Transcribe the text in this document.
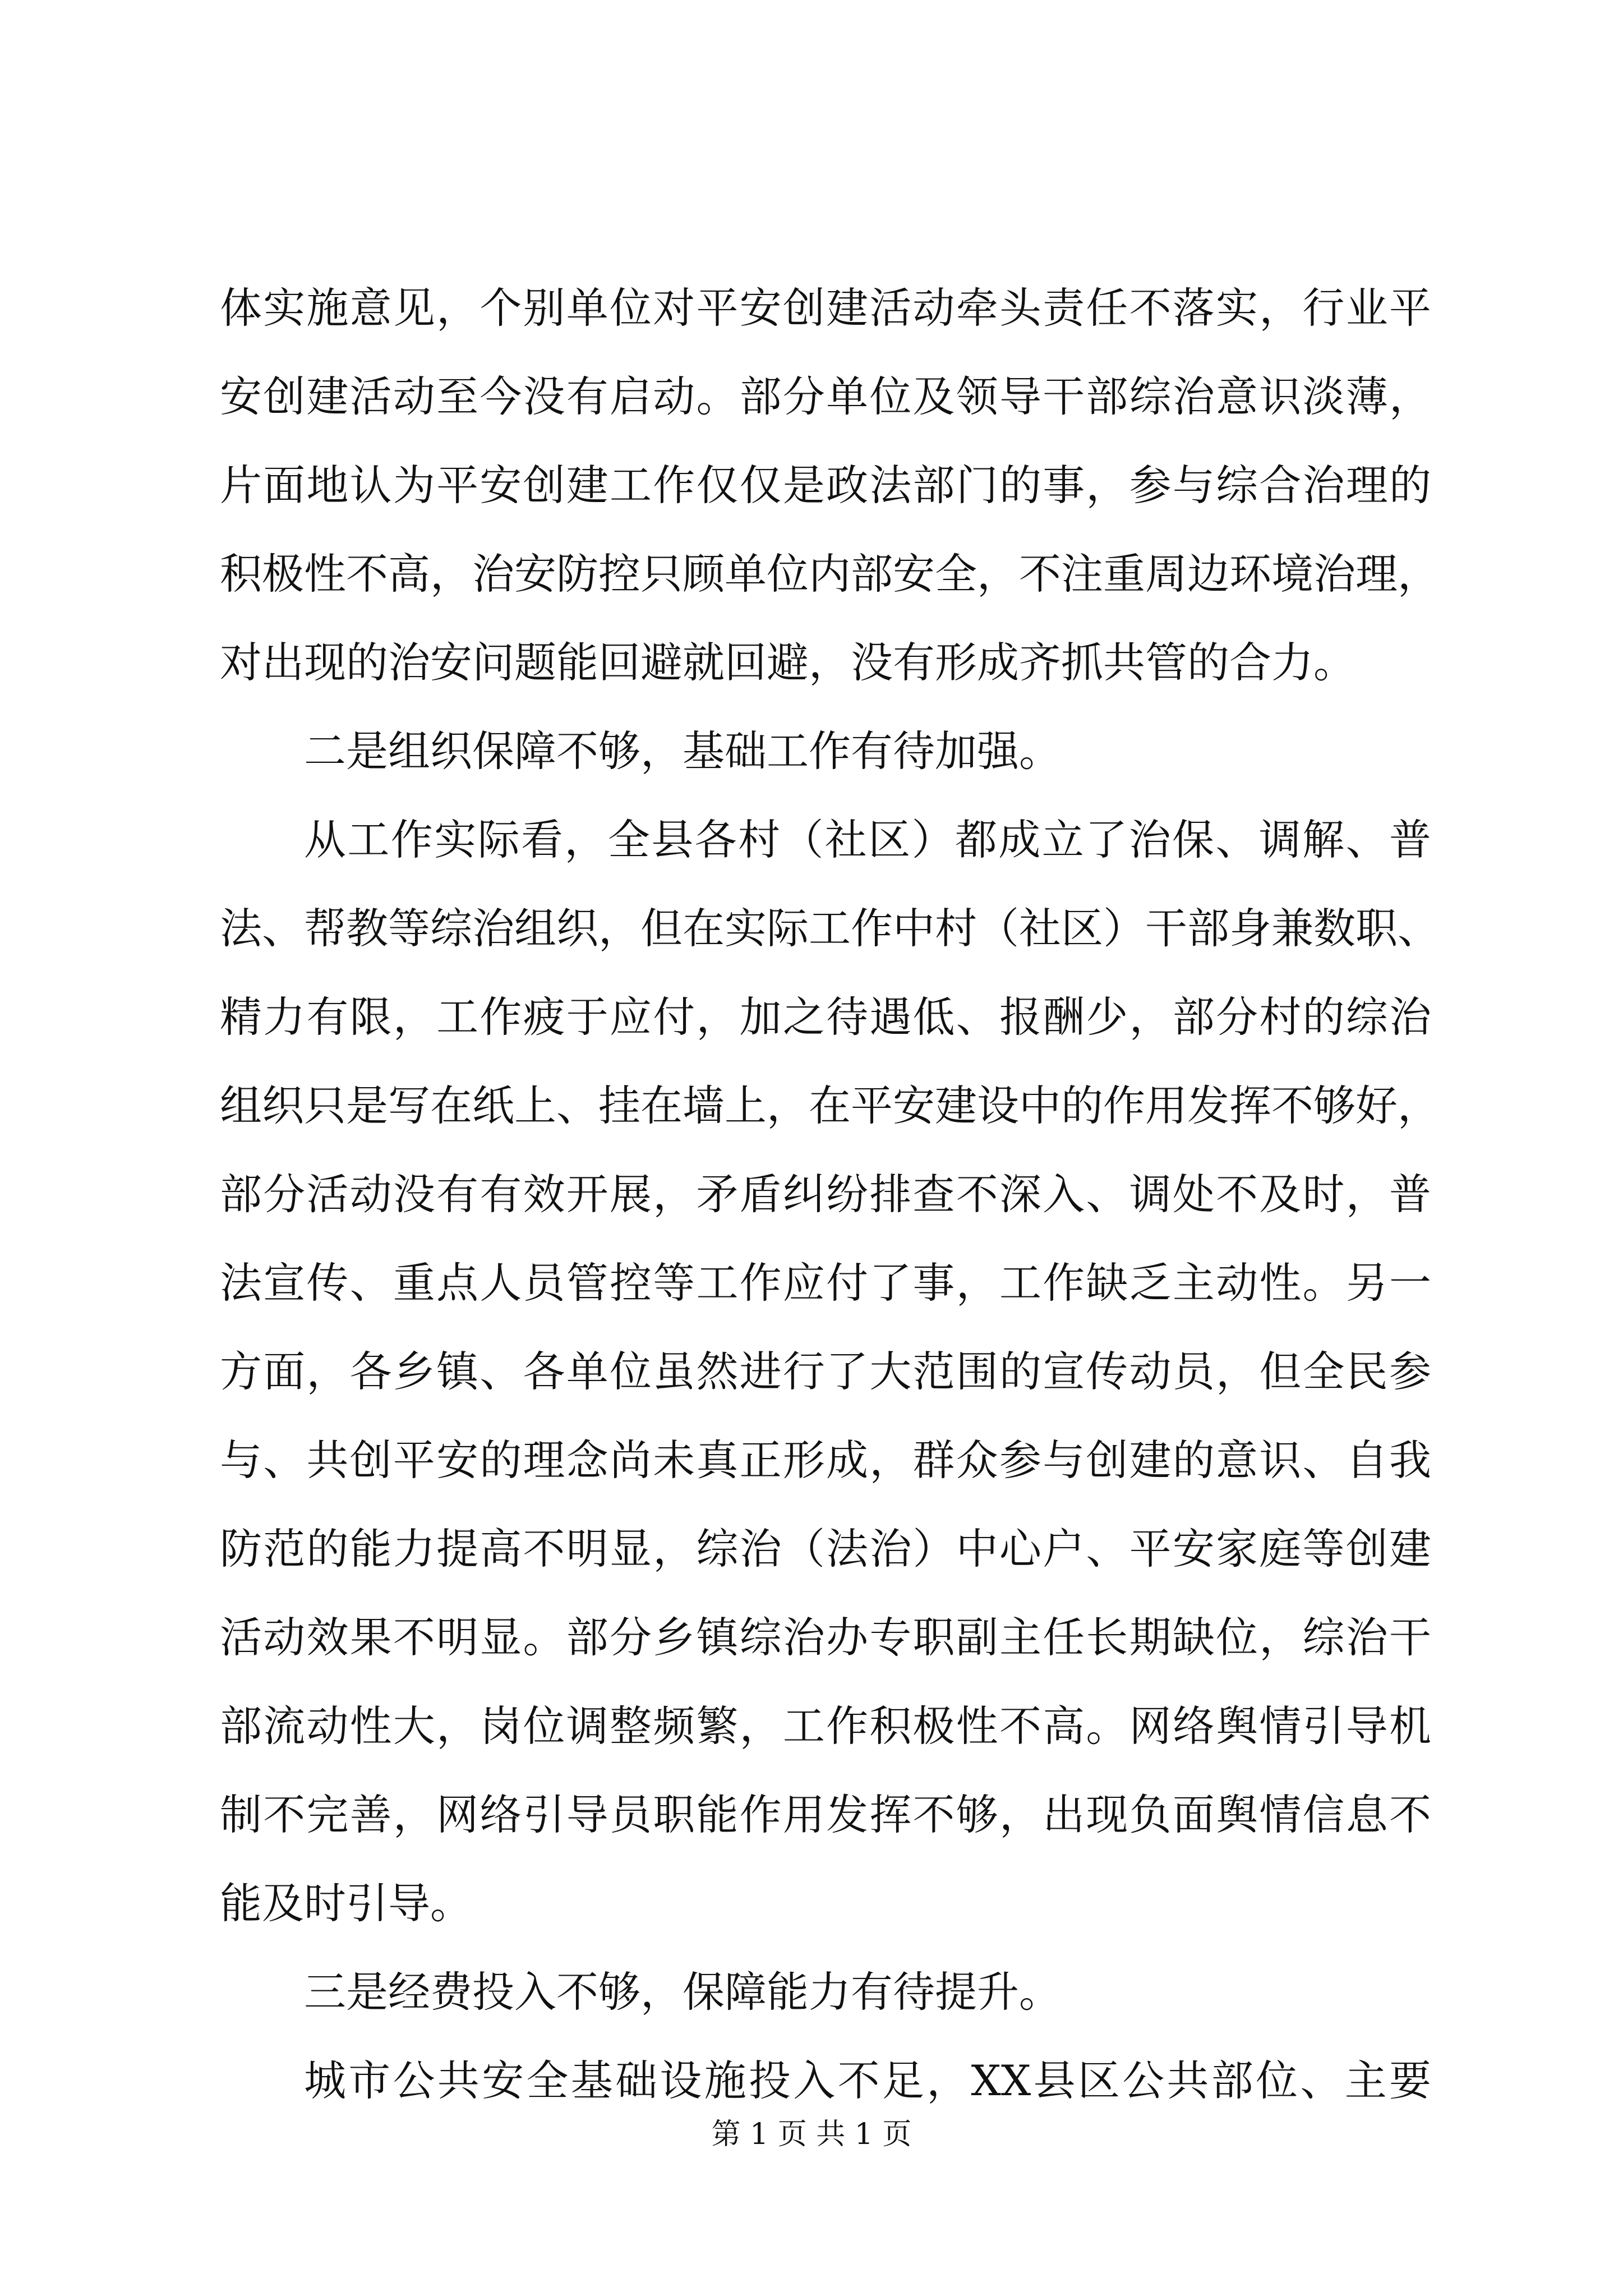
体实施意见，个别单位对平安创建活动牵头责任不落实，行业平
安创建活动至今没有启动。部分单位及领导干部综治意识淡薄，
片面地认为平安创建工作仅仅是政法部门的事，参与综合治理的
积极性不高，治安防控只顾单位内部安全，不注重周边环境治理，
对出现的治安问题能回避就回避，没有形成齐抓共管的合力。
二是组织保障不够，基础工作有待加强。
从工作实际看，全县各村（社区）都成立了治保、调解、普
法、帮教等综治组织，但在实际工作中村（社区）干部身兼数职、
精力有限，工作疲于应付，加之待遇低、报酬少，部分村的综治
组织只是写在纸上、挂在墙上，在平安建设中的作用发挥不够好，
部分活动没有有效开展，矛盾纠纷排查不深入、调处不及时，普
法宣传、重点人员管控等工作应付了事，工作缺乏主动性。另一
方面，各乡镇、各单位虽然进行了大范围的宣传动员，但全民参
与、共创平安的理念尚未真正形成，群众参与创建的意识、自我
防范的能力提高不明显，综治（法治）中心户、平安家庭等创建
活动效果不明显。部分乡镇综治办专职副主任长期缺位，综治干
部流动性大，岗位调整频繁，工作积极性不高。网络舆情引导机
制不完善，网络引导员职能作用发挥不够，出现负面舆情信息不
能及时引导。
三是经费投入不够，保障能力有待提升。
城市公共安全基础设施投入不足，XX县区公共部位、主要
第 1 页 共 1 页
